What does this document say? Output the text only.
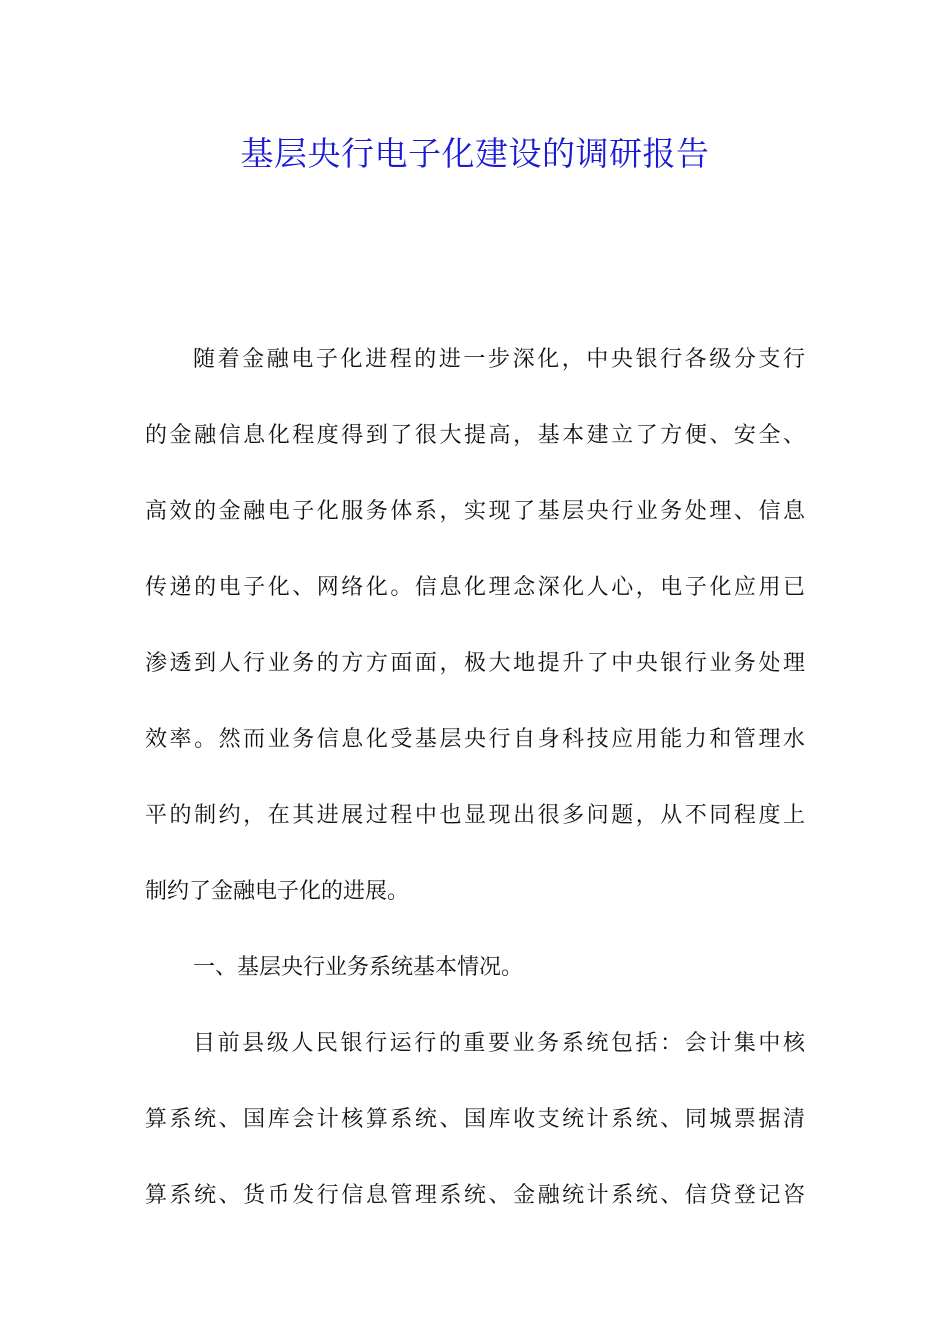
基层央行电子化建设的调研报告
随着金融电子化进程的进一步深化，中央银行各级分支行
的金融信息化程度得到了很大提高，基本建立了方便、安全、
高效的金融电子化服务体系，实现了基层央行业务处理、信息
传递的电子化、网络化。信息化理念深化人心，电子化应用已
渗透到人行业务的方方面面，极大地提升了中央银行业务处理
效率。然而业务信息化受基层央行自身科技应用能力和管理水
平的制约，在其进展过程中也显现出很多问题，从不同程度上
制约了金融电子化的进展。
一、基层央行业务系统基本情况。
目前县级人民银行运行的重要业务系统包括：会计集中核
算系统、国库会计核算系统、国库收支统计系统、同城票据清
算系统、货币发行信息管理系统、金融统计系统、信贷登记咨
